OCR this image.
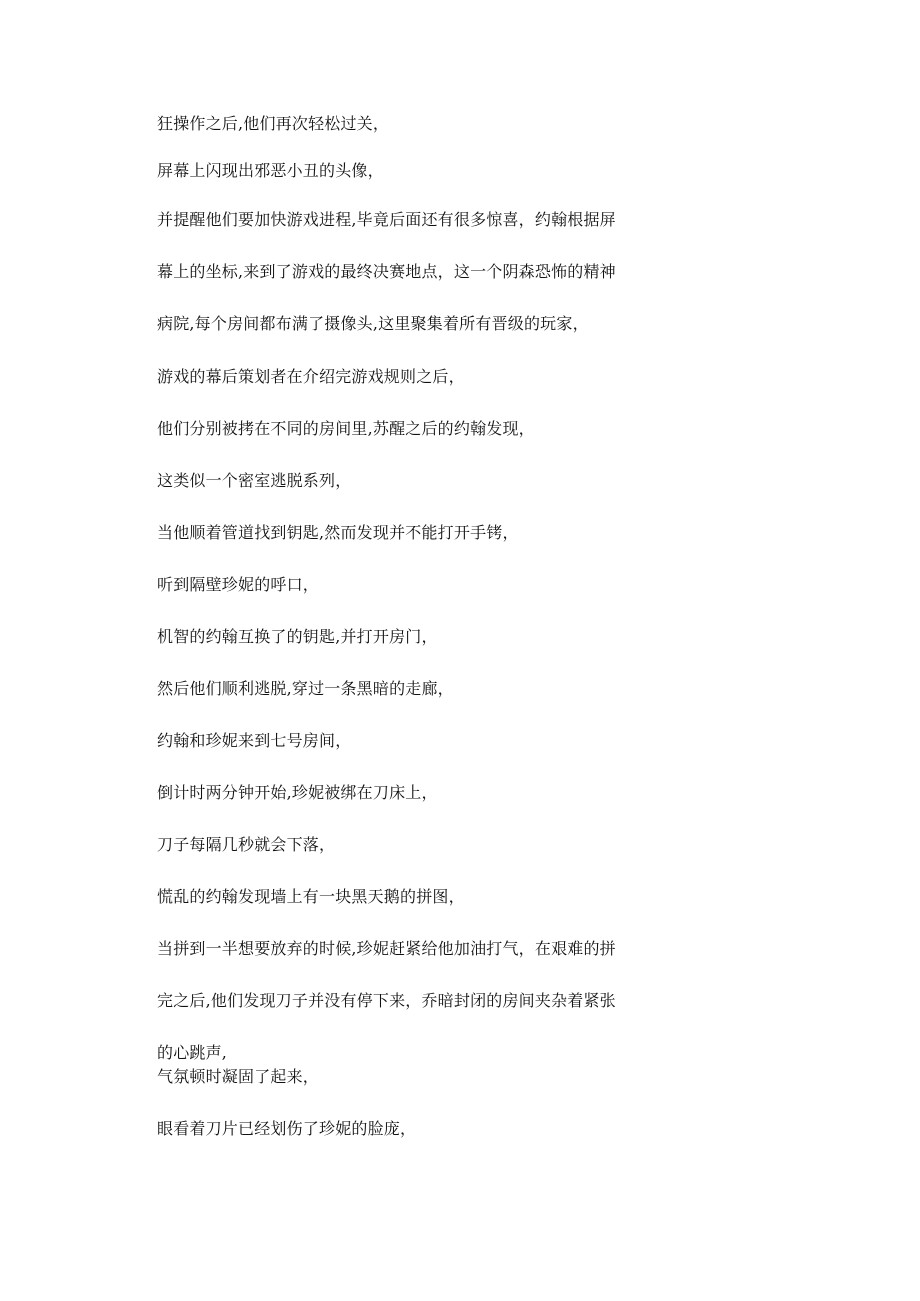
狂操作之后,他们再次轻松过关，
屏幕上闪现出邪恶小丑的头像，
并提醒他们要加快游戏进程,毕竟后面还有很多惊喜，约翰根据屏
幕上的坐标,来到了游戏的最终决赛地点，这一个阴森恐怖的精神
病院,每个房间都布满了摄像头,这里聚集着所有晋级的玩家，
游戏的幕后策划者在介绍完游戏规则之后，
他们分别被拷在不同的房间里,苏醒之后的约翰发现，
这类似一个密室逃脱系列，
当他顺着管道找到钥匙,然而发现并不能打开手铐，
听到隔壁珍妮的呼口，
机智的约翰互换了的钥匙,并打开房门，
然后他们顺利逃脱,穿过一条黑暗的走廊，
约翰和珍妮来到七号房间，
倒计时两分钟开始,珍妮被绑在刀床上，
刀子每隔几秒就会下落，
慌乱的约翰发现墙上有一块黑天鹅的拼图，
当拼到一半想要放弃的时候,珍妮赶紧给他加油打气，在艰难的拼
完之后,他们发现刀子并没有停下来，乔暗封闭的房间夹杂着紧张
的心跳声,
气氛顿时凝固了起来，
眼看着刀片已经划伤了珍妮的脸庞，
